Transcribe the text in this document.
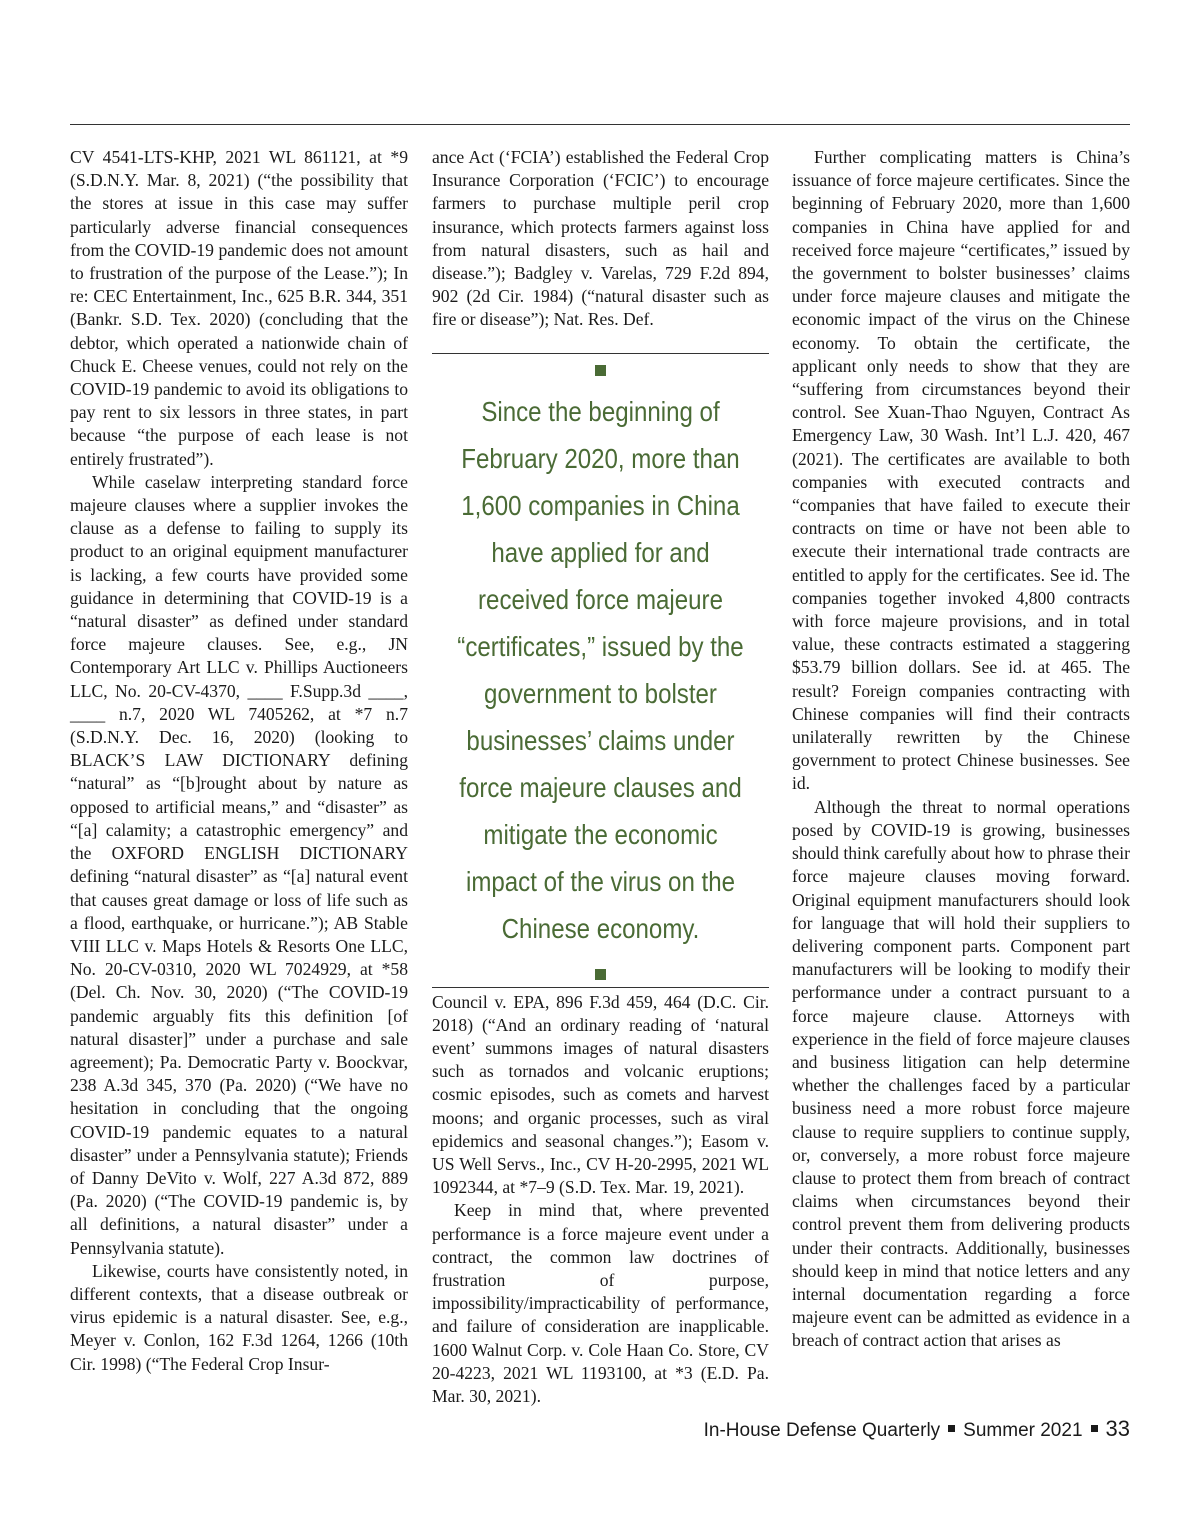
CV 4541-LTS-KHP, 2021 WL 861121, at *9 (S.D.N.Y. Mar. 8, 2021) (“the possibility that the stores at issue in this case may suffer particularly adverse financial consequences from the COVID-19 pandemic does not amount to frustration of the purpose of the Lease.”); In re: CEC Entertainment, Inc., 625 B.R. 344, 351 (Bankr. S.D. Tex. 2020) (concluding that the debtor, which operated a nationwide chain of Chuck E. Cheese venues, could not rely on the COVID-19 pandemic to avoid its obligations to pay rent to six lessors in three states, in part because “the purpose of each lease is not entirely frustrated”).

While caselaw interpreting standard force majeure clauses where a supplier invokes the clause as a defense to failing to supply its product to an original equipment manufacturer is lacking, a few courts have provided some guidance in determining that COVID-19 is a “natural disaster” as defined under standard force majeure clauses. See, e.g., JN Contemporary Art LLC v. Phillips Auctioneers LLC, No. 20-CV-4370, ____ F.Supp.3d ____, ____ n.7, 2020 WL 7405262, at *7 n.7 (S.D.N.Y. Dec. 16, 2020) (looking to BLACK’S LAW DICTIONARY defining “natural” as “[b]rought about by nature as opposed to artificial means,” and “disaster” as “[a] calamity; a catastrophic emergency” and the OXFORD ENGLISH DICTIONARY defining “natural disaster” as “[a] natural event that causes great damage or loss of life such as a flood, earthquake, or hurricane.”); AB Stable VIII LLC v. Maps Hotels & Resorts One LLC, No. 20-CV-0310, 2020 WL 7024929, at *58 (Del. Ch. Nov. 30, 2020) (“The COVID-19 pandemic arguably fits this definition [of natural disaster]” under a purchase and sale agreement); Pa. Democratic Party v. Boockvar, 238 A.3d 345, 370 (Pa. 2020) (“We have no hesitation in concluding that the ongoing COVID-19 pandemic equates to a natural disaster” under a Pennsylvania statute); Friends of Danny DeVito v. Wolf, 227 A.3d 872, 889 (Pa. 2020) (“The COVID-19 pandemic is, by all definitions, a natural disaster” under a Pennsylvania statute).

Likewise, courts have consistently noted, in different contexts, that a disease outbreak or virus epidemic is a natural disaster. See, e.g., Meyer v. Conlon, 162 F.3d 1264, 1266 (10th Cir. 1998) (“The Federal Crop Insur-

ance Act (‘FCIA’) established the Federal Crop Insurance Corporation (‘FCIC’) to encourage farmers to purchase multiple peril crop insurance, which protects farmers against loss from natural disasters, such as hail and disease.”); Badgley v. Varelas, 729 F.2d 894, 902 (2d Cir. 1984) (“natural disaster such as fire or disease”); Nat. Res. Def.

Council v. EPA, 896 F.3d 459, 464 (D.C. Cir. 2018) (“And an ordinary reading of ‘natural event’ summons images of natural disasters such as tornados and volcanic eruptions; cosmic episodes, such as comets and harvest moons; and organic processes, such as viral epidemics and seasonal changes.”); Easom v. US Well Servs., Inc., CV H-20-2995, 2021 WL 1092344, at *7–9 (S.D. Tex. Mar. 19, 2021).

Keep in mind that, where prevented performance is a force majeure event under a contract, the common law doctrines of frustration of purpose, impossibility/impracticability of performance, and failure of consideration are inapplicable. 1600 Walnut Corp. v. Cole Haan Co. Store, CV 20-4223, 2021 WL 1193100, at *3 (E.D. Pa. Mar. 30, 2021).

Since the beginning of February 2020, more than 1,600 companies in China have applied for and received force majeure “certificates,” issued by the government to bolster businesses’ claims under force majeure clauses and mitigate the economic impact of the virus on the Chinese economy.

Further complicating matters is China’s issuance of force majeure certificates. Since the beginning of February 2020, more than 1,600 companies in China have applied for and received force majeure “certificates,” issued by the government to bolster businesses’ claims under force majeure clauses and mitigate the economic impact of the virus on the Chinese economy. To obtain the certificate, the applicant only needs to show that they are “suffering from circumstances beyond their control. See Xuan-Thao Nguyen, Contract As Emergency Law, 30 Wash. Int’l L.J. 420, 467 (2021). The certificates are available to both companies with executed contracts and “companies that have failed to execute their contracts on time or have not been able to execute their international trade contracts are entitled to apply for the certificates. See id. The companies together invoked 4,800 contracts with force majeure provisions, and in total value, these contracts estimated a staggering $53.79 billion dollars. See id. at 465. The result? Foreign companies contracting with Chinese companies will find their contracts unilaterally rewritten by the Chinese government to protect Chinese businesses. See id.

Although the threat to normal operations posed by COVID-19 is growing, businesses should think carefully about how to phrase their force majeure clauses moving forward. Original equipment manufacturers should look for language that will hold their suppliers to delivering component parts. Component part manufacturers will be looking to modify their performance under a contract pursuant to a force majeure clause. Attorneys with experience in the field of force majeure clauses and business litigation can help determine whether the challenges faced by a particular business need a more robust force majeure clause to require suppliers to continue supply, or, conversely, a more robust force majeure clause to protect them from breach of contract claims when circumstances beyond their control prevent them from delivering products under their contracts. Additionally, businesses should keep in mind that notice letters and any internal documentation regarding a force majeure event can be admitted as evidence in a breach of contract action that arises as

In-House Defense Quarterly Summer 2021 33
